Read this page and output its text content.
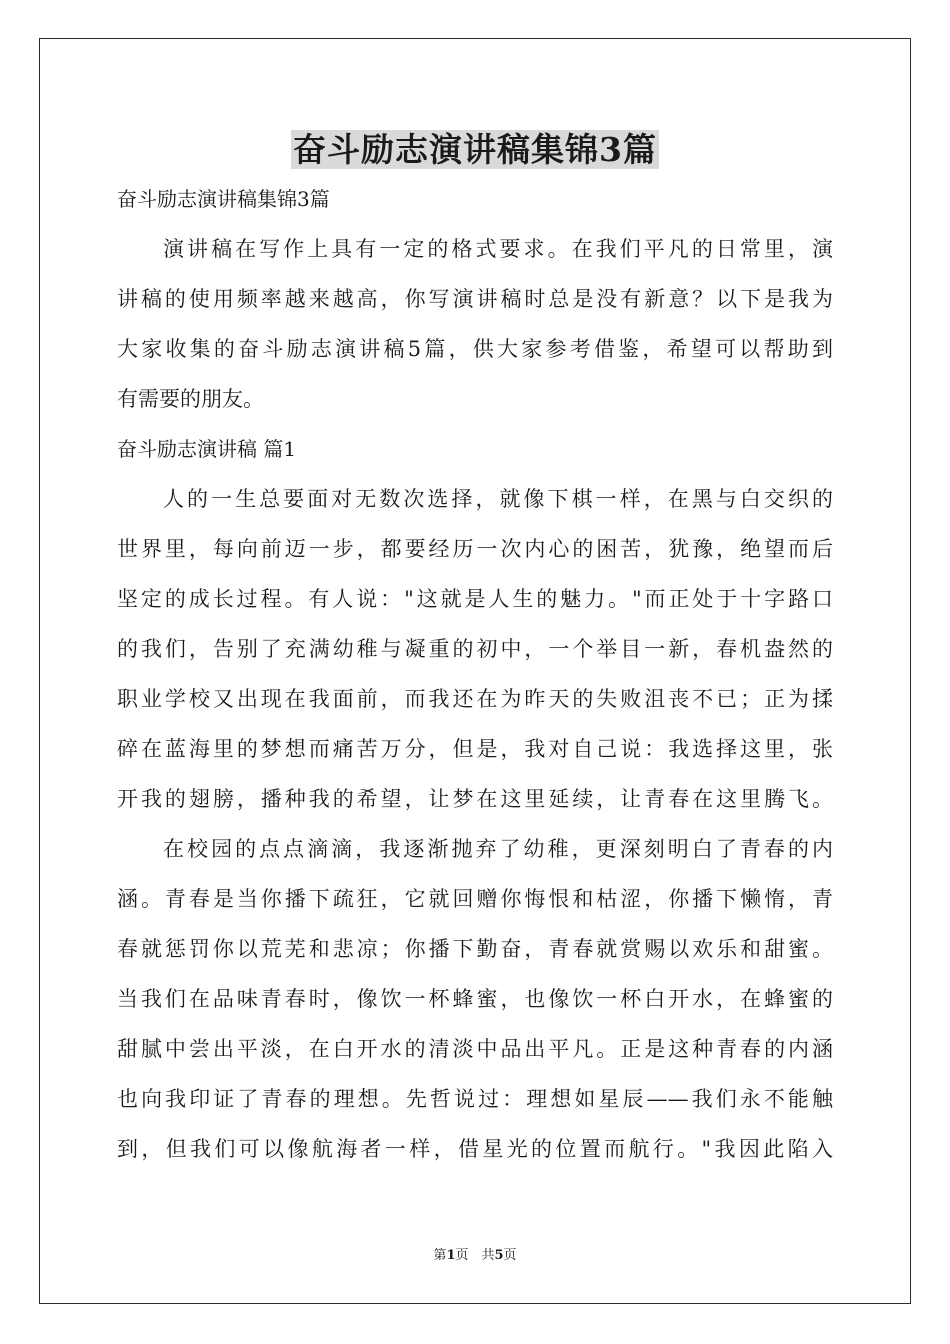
奋斗励志演讲稿集锦3篇
奋斗励志演讲稿集锦3篇
演讲稿在写作上具有一定的格式要求。在我们平凡的日常里，演
讲稿的使用频率越来越高，你写演讲稿时总是没有新意？以下是我为
大家收集的奋斗励志演讲稿5篇，供大家参考借鉴，希望可以帮助到
有需要的朋友。
奋斗励志演讲稿 篇1
人的一生总要面对无数次选择，就像下棋一样，在黑与白交织的
世界里，每向前迈一步，都要经历一次内心的困苦，犹豫，绝望而后
坚定的成长过程。有人说："这就是人生的魅力。"而正处于十字路口
的我们，告别了充满幼稚与凝重的初中，一个举目一新，春机盎然的
职业学校又出现在我面前，而我还在为昨天的失败沮丧不已；正为揉
碎在蓝海里的梦想而痛苦万分，但是，我对自己说：我选择这里，张
开我的翅膀，播种我的希望，让梦在这里延续，让青春在这里腾飞。
在校园的点点滴滴，我逐渐抛弃了幼稚，更深刻明白了青春的内
涵。青春是当你播下疏狂，它就回赠你悔恨和枯涩，你播下懒惰，青
春就惩罚你以荒芜和悲凉；你播下勤奋，青春就赏赐以欢乐和甜蜜。
当我们在品味青春时，像饮一杯蜂蜜，也像饮一杯白开水，在蜂蜜的
甜腻中尝出平淡，在白开水的清淡中品出平凡。正是这种青春的内涵
也向我印证了青春的理想。先哲说过：理想如星辰——我们永不能触
到，但我们可以像航海者一样，借星光的位置而航行。"我因此陷入
第1页　共5页
